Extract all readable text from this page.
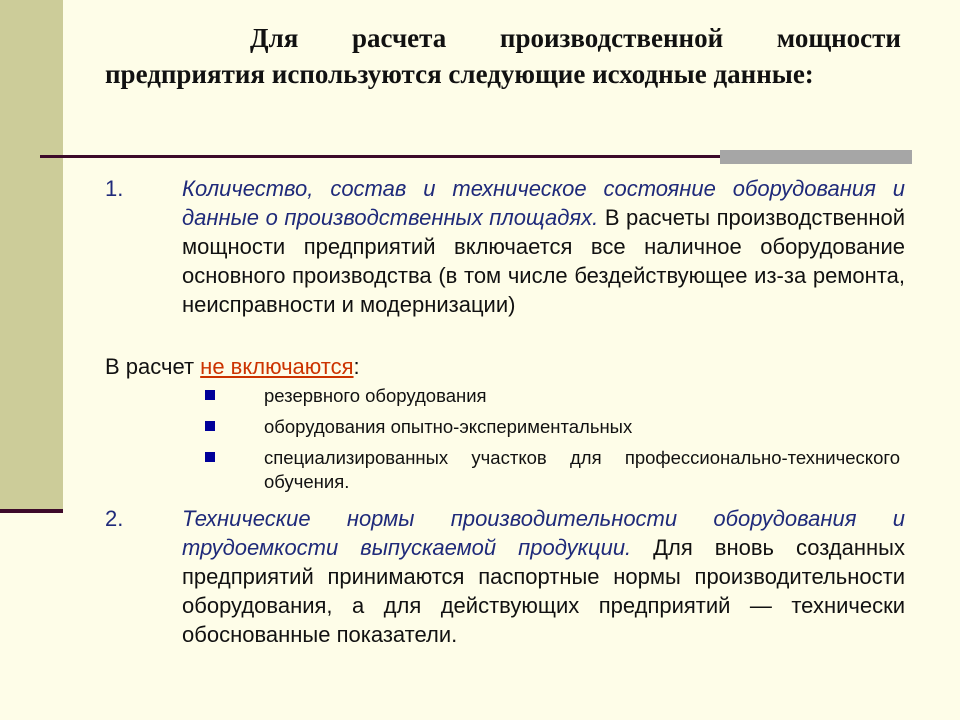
Для расчета производственной мощности предприятия используются следующие исходные данные:
1.	Количество, состав и техническое состояние оборудования и данные о производственных площадях. В расчеты производственной мощности предприятий включается все наличное оборудование основного производства (в том числе бездействующее из-за ремонта, неисправности и модернизации)
В расчет не включаются:
резервного оборудования
оборудования опытно-экспериментальных
специализированных участков для профессионально-технического обучения.
2.	Технические нормы производительности оборудования и трудоемкости выпускаемой продукции. Для вновь созданных предприятий принимаются паспортные нормы производительности оборудования, а для действующих предприятий — технически обоснованные показатели.
